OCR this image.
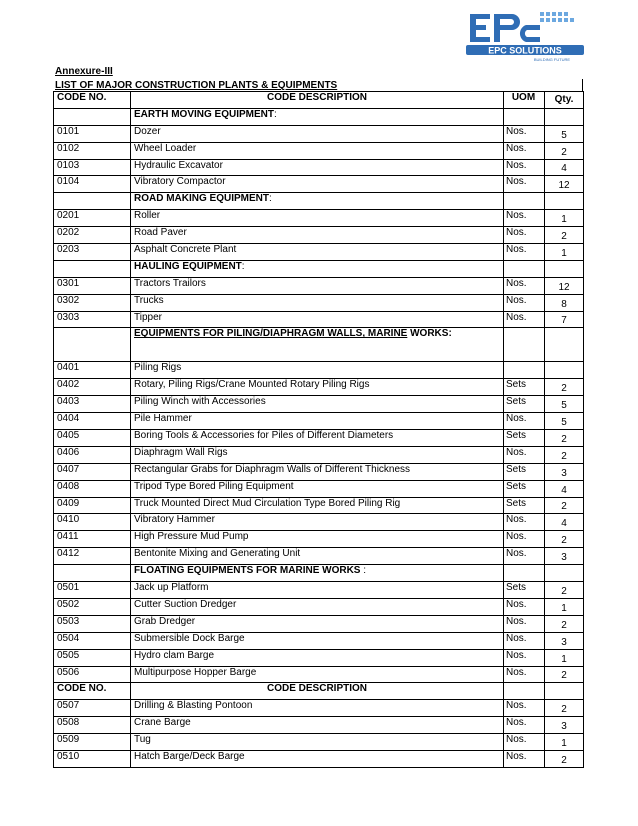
EPC SOLUTIONS
BUILDING FUTURE
Annexure-III
LIST OF MAJOR CONSTRUCTION PLANTS & EQUIPMENTS
CODE NO.	CODE DESCRIPTION	UOM	Qty.
	EARTH MOVING EQUIPMENT:		
0101	Dozer	Nos.	5
0102	Wheel Loader	Nos.	2
0103	Hydraulic Excavator	Nos.	4
0104	Vibratory Compactor	Nos.	12
	ROAD MAKING EQUIPMENT:		
0201	Roller	Nos.	1
0202	Road Paver	Nos.	2
0203	Asphalt Concrete Plant	Nos.	1
	HAULING EQUIPMENT:		
0301	Tractors Trailors	Nos.	12
0302	Trucks	Nos.	8
0303	Tipper	Nos.	7
	EQUIPMENTS FOR PILING/DIAPHRAGM WALLS, MARINE WORKS:		
0401	Piling Rigs		
0402	Rotary, Piling Rigs/Crane Mounted Rotary Piling Rigs	Sets	2
0403	Piling Winch with Accessories	Sets	5
0404	Pile Hammer	Nos.	5
0405	Boring Tools & Accessories for Piles of Different Diameters	Sets	2
0406	Diaphragm Wall Rigs	Nos.	2
0407	Rectangular Grabs for Diaphragm Walls of Different Thickness	Sets	3
0408	Tripod Type Bored Piling Equipment	Sets	4
0409	Truck Mounted Direct Mud Circulation Type Bored Piling Rig	Sets	2
0410	Vibratory Hammer	Nos.	4
0411	High Pressure Mud Pump	Nos.	2
0412	Bentonite Mixing and Generating Unit	Nos.	3
	FLOATING EQUIPMENTS FOR MARINE WORKS :		
0501	Jack up Platform	Sets	2
0502	Cutter Suction Dredger	Nos.	1
0503	Grab Dredger	Nos.	2
0504	Submersible Dock Barge	Nos.	3
0505	Hydro clam Barge	Nos.	1
0506	Multipurpose Hopper Barge	Nos.	2
CODE NO.	CODE DESCRIPTION		
0507	Drilling & Blasting Pontoon	Nos.	2
0508	Crane Barge	Nos.	3
0509	Tug	Nos.	1
0510	Hatch Barge/Deck Barge	Nos.	2
